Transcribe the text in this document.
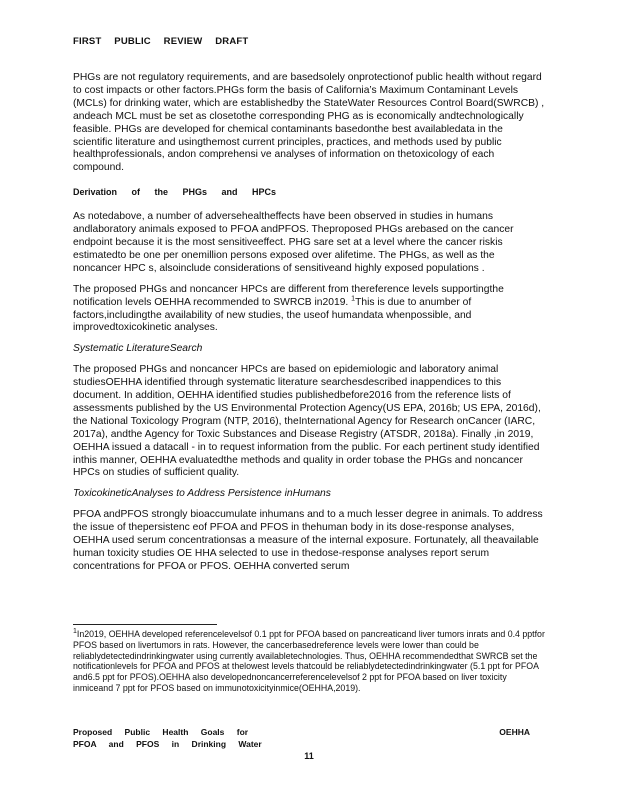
FIRST PUBLIC REVIEW DRAFT

PHGs are not regulatory requirements, and are basedsolely onprotectionof public health without regard to cost impacts or other factors.PHGs form the basis of California’s Maximum Contaminant Levels (MCLs) for drinking water, which are establishedby the StateWater Resources Control Board(SWRCB) , andeach MCL must be set as closetothe corresponding PHG as is economically andtechnologically feasible. PHGs are developed for chemical contaminants basedonthe best availabledata in the scientific literature and usingthemost current principles, practices, and methods used by public healthprofessionals, andon comprehensi ve analyses of information on thetoxicology of each compound.

Derivation of the PHGs and HPCs

As notedabove, a number of adversehealtheffects have been observed in studies in humans andlaboratory animals exposed to PFOA andPFOS. Theproposed PHGs arebased on the cancer endpoint because it is the most sensitiveeffect. PHG sare set at a level where the cancer riskis estimatedto be one per onemillion persons exposed over alifetime. The PHGs, as well as the noncancer HPC s, alsoinclude considerations of sensitiveand highly exposed populations .

The proposed PHGs and noncancer HPCs are different from thereference levels supportingthe notification levels OEHHA recommended to SWRCB in2019. $^1$This is due to anumber of factors,includingthe availability of new studies, the useof humandata whenpossible, and improvedtoxicokinetic analyses.

Systematic LiteratureSearch

The proposed PHGs and noncancer HPCs are based on epidemiologic and laboratory animal studiesOEHHA identified through systematic literature searchesdescribed inappendices to this document. In addition, OEHHA identified studies publishedbefore2016 from the reference lists of assessments published by the US Environmental Protection Agency(US EPA, 2016b; US EPA, 2016d), the National Toxicology Program (NTP, 2016), theInternational Agency for Research onCancer (IARC, 2017a), andthe Agency for Toxic Substances and Disease Registry (ATSDR, 2018a). Finally ,in 2019, OEHHA issued a datacall - in to request information from the public. For each pertinent study identified inthis manner, OEHHA evaluatedthe methods and quality in order tobase the PHGs and noncancer HPCs on studies of sufficient quality.

ToxicokineticAnalyses to Address Persistence inHumans

PFOA andPFOS strongly bioaccumulate inhumans and to a much lesser degree in animals. To address the issue of thepersistenc eof PFOA and PFOS in thehuman body in its dose-response analyses, OEHHA used serum concentrationsas a measure of the internal exposure. Fortunately, all theavailable human toxicity studies OE HHA selected to use in thedose-response analyses report serum concentrations for PFOA or PFOS. OEHHA converted serum

$^1$In2019, OEHHA developed referencelevelsof 0.1 ppt for PFOA based on pancreaticand liver tumors inrats and 0.4 pptfor PFOS based on livertumors in rats. However, the cancerbasedreference levels were lower than could be reliablydetectedindrinkingwater using currently availabletechnologies. Thus, OEHHA recommendedthat SWRCB set the notificationlevels for PFOA and PFOS at thelowest levels thatcould be reliablydetectedindrinkingwater (5.1 ppt for PFOA and6.5 ppt for PFOS).OEHHA also developednoncancerreferencelevelsof 2 ppt for PFOA based on liver toxicity inmiceand 7 ppt for PFOS based on immunotoxicityinmice(OEHHA,2019).
Proposed Public Health Goals for
PFOA and PFOS in Drinking Water
OEHHA
11
